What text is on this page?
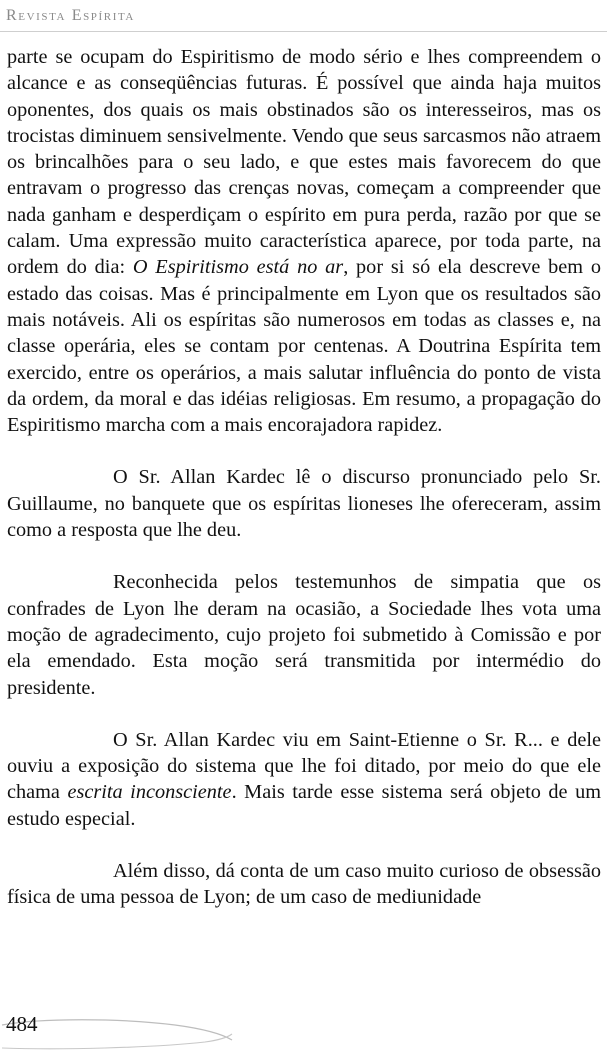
Revista Espírita

parte se ocupam do Espiritismo de modo sério e lhes compreendem o alcance e as conseqüências futuras. É possível que ainda haja muitos oponentes, dos quais os mais obstinados são os interesseiros, mas os trocistas diminuem sensivelmente. Vendo que seus sarcasmos não atraem os brincalhões para o seu lado, e que estes mais favorecem do que entravam o progresso das crenças novas, começam a compreender que nada ganham e desperdiçam o espírito em pura perda, razão por que se calam. Uma expressão muito característica aparece, por toda parte, na ordem do dia: O Espiritismo está no ar, por si só ela descreve bem o estado das coisas. Mas é principalmente em Lyon que os resultados são mais notáveis. Ali os espíritas são numerosos em todas as classes e, na classe operária, eles se contam por centenas. A Doutrina Espírita tem exercido, entre os operários, a mais salutar influência do ponto de vista da ordem, da moral e das idéias religiosas. Em resumo, a propagação do Espiritismo marcha com a mais encorajadora rapidez.

O Sr. Allan Kardec lê o discurso pronunciado pelo Sr. Guillaume, no banquete que os espíritas lioneses lhe ofereceram, assim como a resposta que lhe deu.

Reconhecida pelos testemunhos de simpatia que os confrades de Lyon lhe deram na ocasião, a Sociedade lhes vota uma moção de agradecimento, cujo projeto foi submetido à Comissão e por ela emendado. Esta moção será transmitida por intermédio do presidente.

O Sr. Allan Kardec viu em Saint-Etienne o Sr. R... e dele ouviu a exposição do sistema que lhe foi ditado, por meio do que ele chama escrita inconsciente. Mais tarde esse sistema será objeto de um estudo especial.

Além disso, dá conta de um caso muito curioso de obsessão física de uma pessoa de Lyon; de um caso de mediunidade

484
